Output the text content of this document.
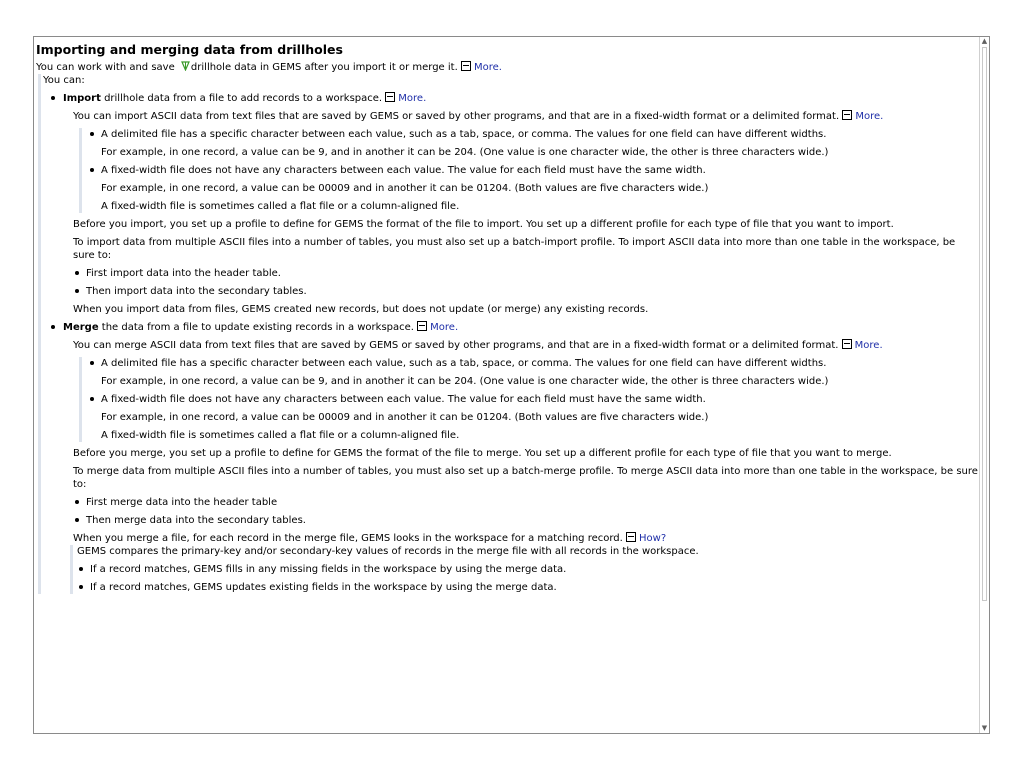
Importing and merging data from drillholes

You can work with and save drillhole data in GEMS after you import it or merge it. More.

You can:

Import drillhole data from a file to add records to a workspace. More.

You can import ASCII data from text files that are saved by GEMS or saved by other programs, and that are in a fixed-width format or a delimited format. More.

A delimited file has a specific character between each value, such as a tab, space, or comma. The values for one field can have different widths.

For example, in one record, a value can be 9, and in another it can be 204. (One value is one character wide, the other is three characters wide.)

A fixed-width file does not have any characters between each value. The value for each field must have the same width.

For example, in one record, a value can be 00009 and in another it can be 01204. (Both values are five characters wide.)

A fixed-width file is sometimes called a flat file or a column-aligned file.

Before you import, you set up a profile to define for GEMS the format of the file to import. You set up a different profile for each type of file that you want to import.

To import data from multiple ASCII files into a number of tables, you must also set up a batch-import profile. To import ASCII data into more than one table in the workspace, be sure to:

First import data into the header table.
Then import data into the secondary tables.

When you import data from files, GEMS created new records, but does not update (or merge) any existing records.

Merge the data from a file to update existing records in a workspace. More.

You can merge ASCII data from text files that are saved by GEMS or saved by other programs, and that are in a fixed-width format or a delimited format. More.

A delimited file has a specific character between each value, such as a tab, space, or comma. The values for one field can have different widths.

For example, in one record, a value can be 9, and in another it can be 204. (One value is one character wide, the other is three characters wide.)

A fixed-width file does not have any characters between each value. The value for each field must have the same width.

For example, in one record, a value can be 00009 and in another it can be 01204. (Both values are five characters wide.)

A fixed-width file is sometimes called a flat file or a column-aligned file.

Before you merge, you set up a profile to define for GEMS the format of the file to merge. You set up a different profile for each type of file that you want to merge.

To merge data from multiple ASCII files into a number of tables, you must also set up a batch-merge profile. To merge ASCII data into more than one table in the workspace, be sure to:

First merge data into the header table
Then merge data into the secondary tables.

When you merge a file, for each record in the merge file, GEMS looks in the workspace for a matching record. How?

GEMS compares the primary-key and/or secondary-key values of records in the merge file with all records in the workspace.

If a record matches, GEMS fills in any missing fields in the workspace by using the merge data.
If a record matches, GEMS updates existing fields in the workspace by using the merge data.
▲
▼
